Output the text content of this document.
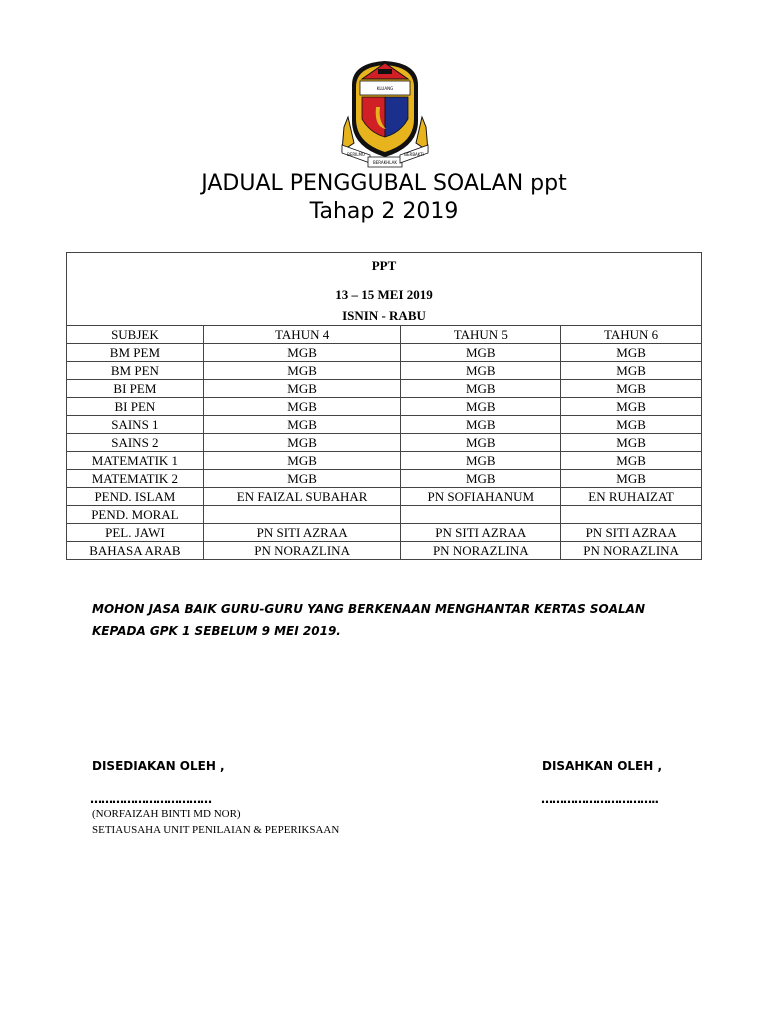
KLUANG
BERILMU
BERAKHLAK
BERBAKTI
JADUAL PENGGUBAL SOALAN ppt
Tahap 2 2019
PPT
13 – 15 MEI 2019
ISNIN - RABU			

SUBJEK	TAHUN 4	TAHUN 5	TAHUN 6
BM PEM	MGB	MGB	MGB
BM PEN	MGB	MGB	MGB
BI PEM	MGB	MGB	MGB
BI PEN	MGB	MGB	MGB
SAINS 1	MGB	MGB	MGB
SAINS 2	MGB	MGB	MGB
MATEMATIK 1	MGB	MGB	MGB
MATEMATIK 2	MGB	MGB	MGB
PEND. ISLAM	EN FAIZAL SUBAHAR	PN SOFIAHANUM	EN RUHAIZAT
PEND. MORAL			
PEL. JAWI	PN SITI AZRAA	PN SITI AZRAA	PN SITI AZRAA
BAHASA ARAB	PN NORAZLINA	PN NORAZLINA	PN NORAZLINA
MOHON JASA BAIK GURU-GURU YANG BERKENAAN MENGHANTAR KERTAS SOALAN
KEPADA GPK 1 SEBELUM 9 MEI 2019.
DISEDIAKAN OLEH ,	DISAHKAN OLEH ,
……………………………	…………………………..
(NORFAIZAH BINTI MD NOR)
SETIAUSAHA UNIT PENILAIAN & PEPERIKSAAN
